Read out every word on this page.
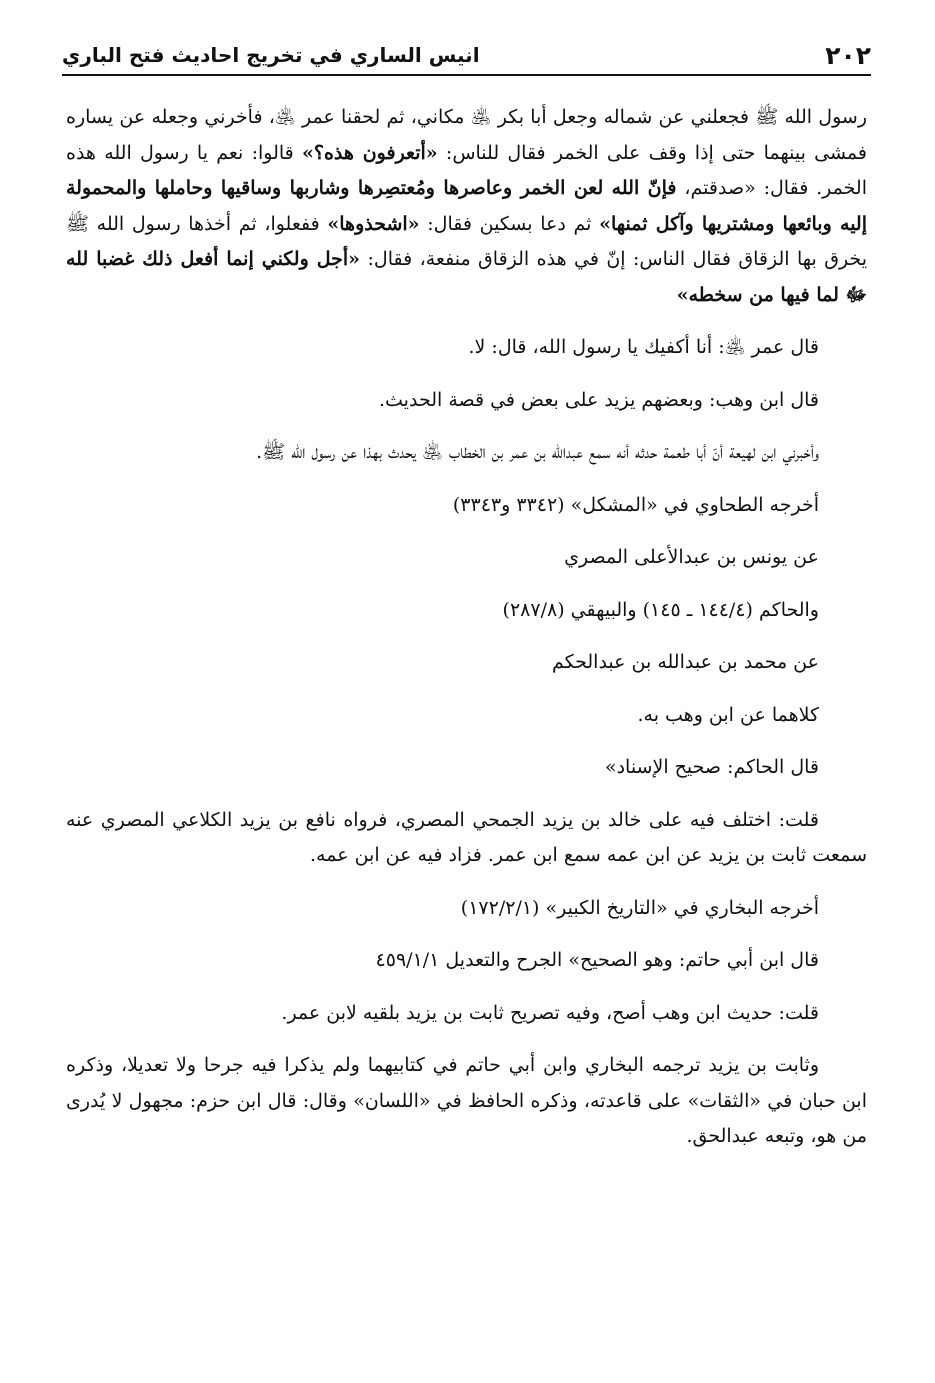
٢٠٢
انيس الساري في تخريج احاديث فتح الباري

رسول الله ﷺ فجعلني عن شماله وجعل أبا بكر ﵁ مكاني، ثم لحقنا عمر ﵁، فأخرني وجعله عن يساره فمشى بينهما حتى إذا وقف على الخمر فقال للناس: «أتعرفون هذه؟» قالوا: نعم يا رسول الله هذه الخمر. فقال: «صدقتم، فإنّ الله لعن الخمر وعاصرها ومُعتصِرها وشاربها وساقيها وحاملها والمحمولة إليه وبائعها ومشتريها وآكل ثمنها» ثم دعا بسكين فقال: «اشحذوها» ففعلوا، ثم أخذها رسول الله ﷺ يخرق بها الزقاق فقال الناس: إنّ في هذه الزقاق منفعة، فقال: «أجل ولكني إنما أفعل ذلك غضبا لله ﷻ لما فيها من سخطه»

قال عمر ﵁: أنا أكفيك يا رسول الله، قال: لا.

قال ابن وهب: وبعضهم يزيد على بعض في قصة الحديث.

وأخبرني ابن لهيعة أنّ أبا طعمة حدثه أنه سمع عبدالله بن عمر بن الخطاب ﵁ يحدث بهذا عن رسول الله ﷺ.

أخرجه الطحاوي في «المشكل» (٣٣٤٢ و٣٣٤٣)

عن يونس بن عبدالأعلى المصري

والحاكم (١٤٤/٤ ـ ١٤٥) والبيهقي (٢٨٧/٨)

عن محمد بن عبدالله بن عبدالحكم

كلاهما عن ابن وهب به.

قال الحاكم: صحيح الإسناد»

قلت: اختلف فيه على خالد بن يزيد الجمحي المصري، فرواه نافع بن يزيد الكلاعي المصري عنه سمعت ثابت بن يزيد عن ابن عمه سمع ابن عمر. فزاد فيه عن ابن عمه.

أخرجه البخاري في «التاريخ الكبير» (١٧٢/٢/١)

قال ابن أبي حاتم: وهو الصحيح» الجرح والتعديل ٤٥٩/١/١

قلت: حديث ابن وهب أصح، وفيه تصريح ثابت بن يزيد بلقيه لابن عمر.

وثابت بن يزيد ترجمه البخاري وابن أبي حاتم في كتابيهما ولم يذكرا فيه جرحا ولا تعديلا، وذكره ابن حبان في «الثقات» على قاعدته، وذكره الحافظ في «اللسان» وقال: قال ابن حزم: مجهول لا يُدرى من هو، وتبعه عبدالحق.
